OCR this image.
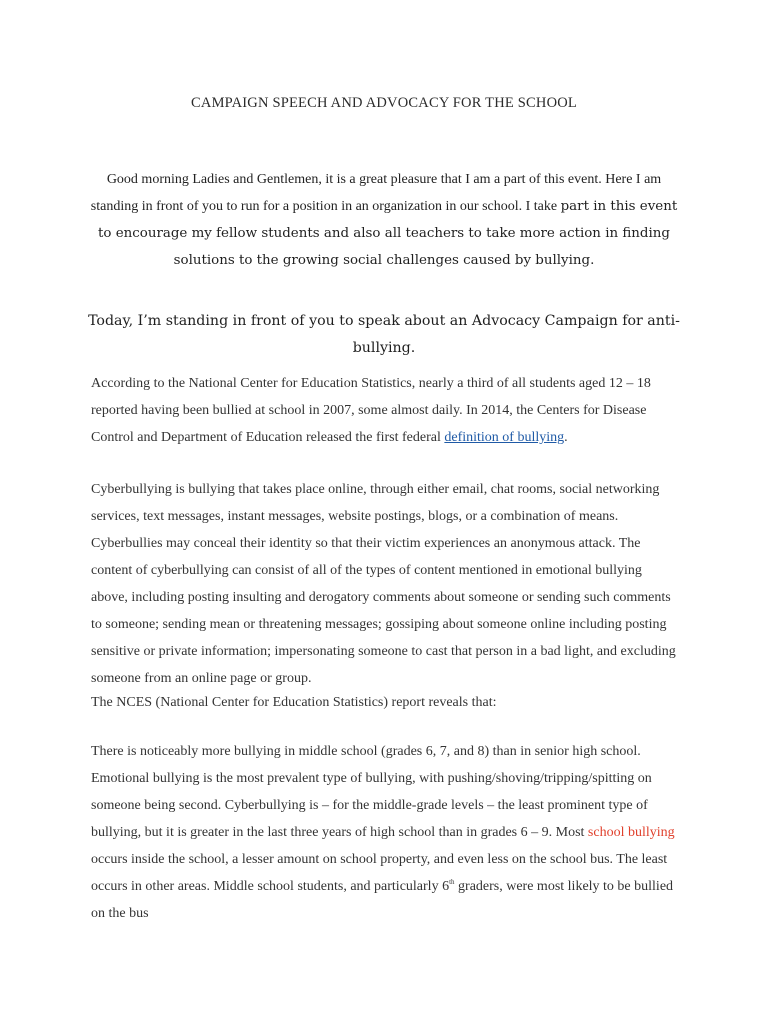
CAMPAIGN SPEECH AND ADVOCACY FOR THE SCHOOL
Good morning Ladies and Gentlemen, it is a great pleasure that I am a part of this event. Here I am standing in front of you to run for a position in an organization in our school. I take part in this event to encourage my fellow students and also all teachers to take more action in finding solutions to the growing social challenges caused by bullying.
Today, I’m standing in front of you to speak about an Advocacy Campaign for anti-bullying.
According to the National Center for Education Statistics, nearly a third of all students aged 12 – 18 reported having been bullied at school in 2007, some almost daily. In 2014, the Centers for Disease Control and Department of Education released the first federal definition of bullying.
Cyberbullying is bullying that takes place online, through either email, chat rooms, social networking services, text messages, instant messages, website postings, blogs, or a combination of means. Cyberbullies may conceal their identity so that their victim experiences an anonymous attack. The content of cyberbullying can consist of all of the types of content mentioned in emotional bullying above, including posting insulting and derogatory comments about someone or sending such comments to someone; sending mean or threatening messages; gossiping about someone online including posting sensitive or private information; impersonating someone to cast that person in a bad light, and excluding someone from an online page or group.
The NCES (National Center for Education Statistics) report reveals that:
There is noticeably more bullying in middle school (grades 6, 7, and 8) than in senior high school. Emotional bullying is the most prevalent type of bullying, with pushing/shoving/tripping/spitting on someone being second. Cyberbullying is – for the middle-grade levels – the least prominent type of bullying, but it is greater in the last three years of high school than in grades 6 – 9. Most school bullying occurs inside the school, a lesser amount on school property, and even less on the school bus. The least occurs in other areas. Middle school students, and particularly 6th graders, were most likely to be bullied on the bus
